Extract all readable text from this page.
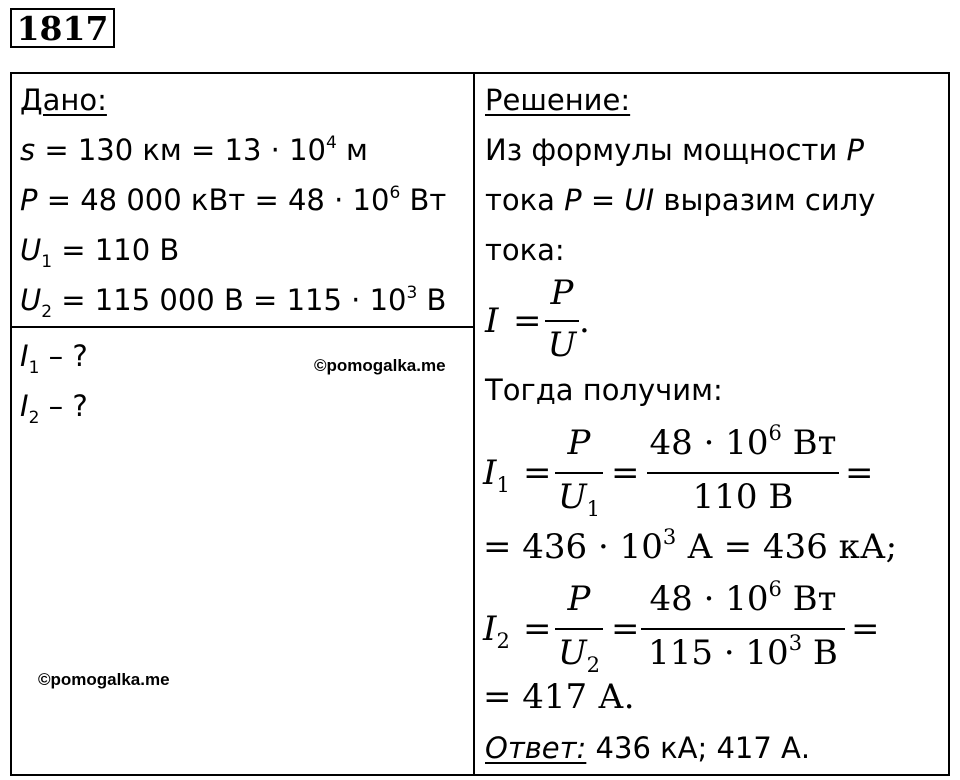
1817
Дано:
s = 130 км = $13 \cdot 10^4$ м
P = 48 000 кВт = $48 \cdot 10^6$ Вт
$U_1 = 110$ В
$U_2 = 115$ 000 $В = 115 \cdot 10^3$ В
$I_1$ – ?
$I_2$ – ?
©pomogalka.me
©pomogalka.me
Решение:
Из формулы мощности P
тока P = UI выразим силу
тока:
I =
P
U
.
Тогда получим:
$I_1$ =
P
$U_1$
=
$48 \cdot 10^6$ Вт
110 В
=
= $436 \cdot 10^3$ А = 436 кА;
$I_2$ =
P
$U_2$
=
$48 \cdot 10^6$ Вт
$115 \cdot 10^3$ В
=
= 417 А.
Ответ: 436 кА; 417 А.
